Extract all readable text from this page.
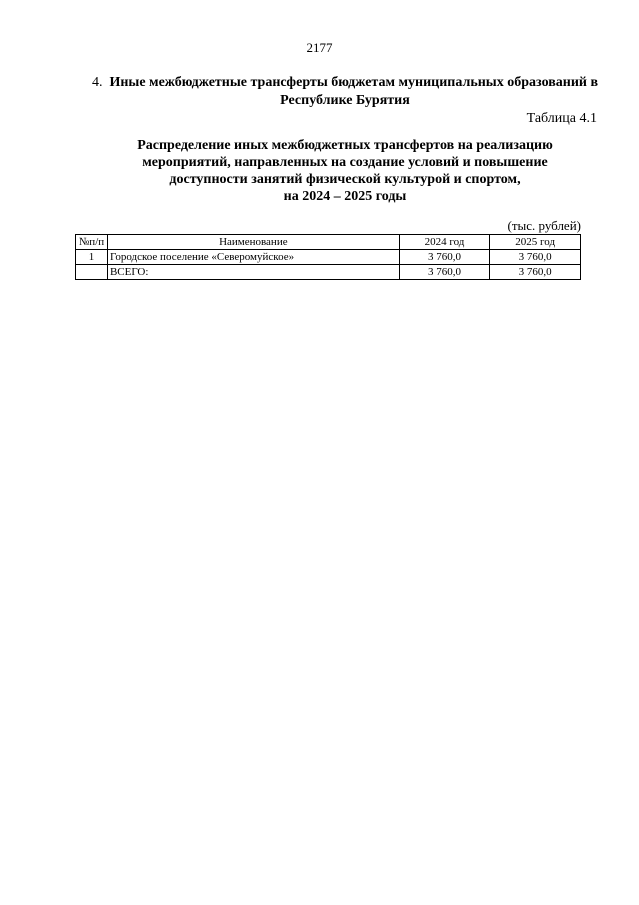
2177
4. Иные межбюджетные трансферты бюджетам муниципальных образований в Республике Бурятия
Таблица 4.1
Распределение иных межбюджетных трансфертов на реализацию
мероприятий, направленных на создание условий и повышение
доступности занятий физической культурой и спортом,
на 2024 – 2025 годы
(тыс. рублей)
№п/п	Наименование	2024 год	2025 год
1	Городское поселение «Северомуйское»	3 760,0	3 760,0
	ВСЕГО:	3 760,0	3 760,0
